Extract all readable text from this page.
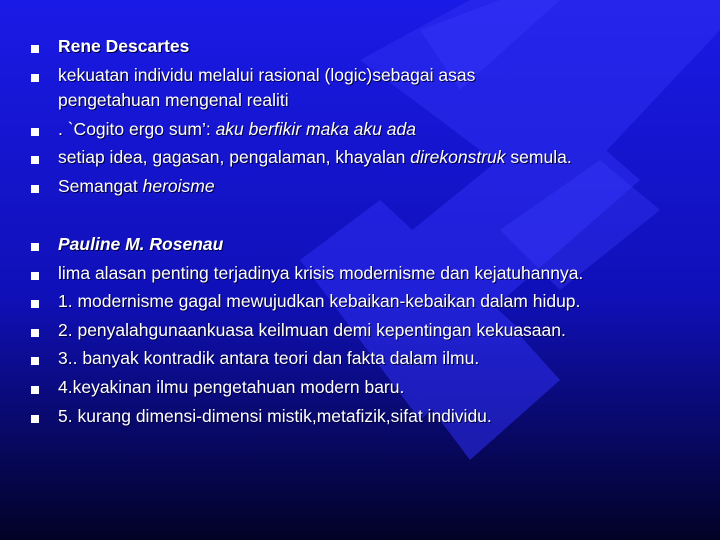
Rene Descartes
kekuatan individu melalui rasional (logic)sebagai asas
pengetahuan mengenal realiti
. `Cogito ergo sum’: aku berfikir maka aku ada
setiap idea, gagasan, pengalaman, khayalan direkonstruk semula.
Semangat heroisme
Pauline M. Rosenau
lima alasan penting terjadinya krisis modernisme dan kejatuhannya.
1. modernisme gagal mewujudkan kebaikan-kebaikan dalam hidup.
2. penyalahgunaankuasa keilmuan demi kepentingan kekuasaan.
3.. banyak kontradik antara teori dan fakta dalam ilmu.
4.keyakinan ilmu pengetahuan modern baru.
5. kurang dimensi-dimensi mistik,metafizik,sifat individu.
